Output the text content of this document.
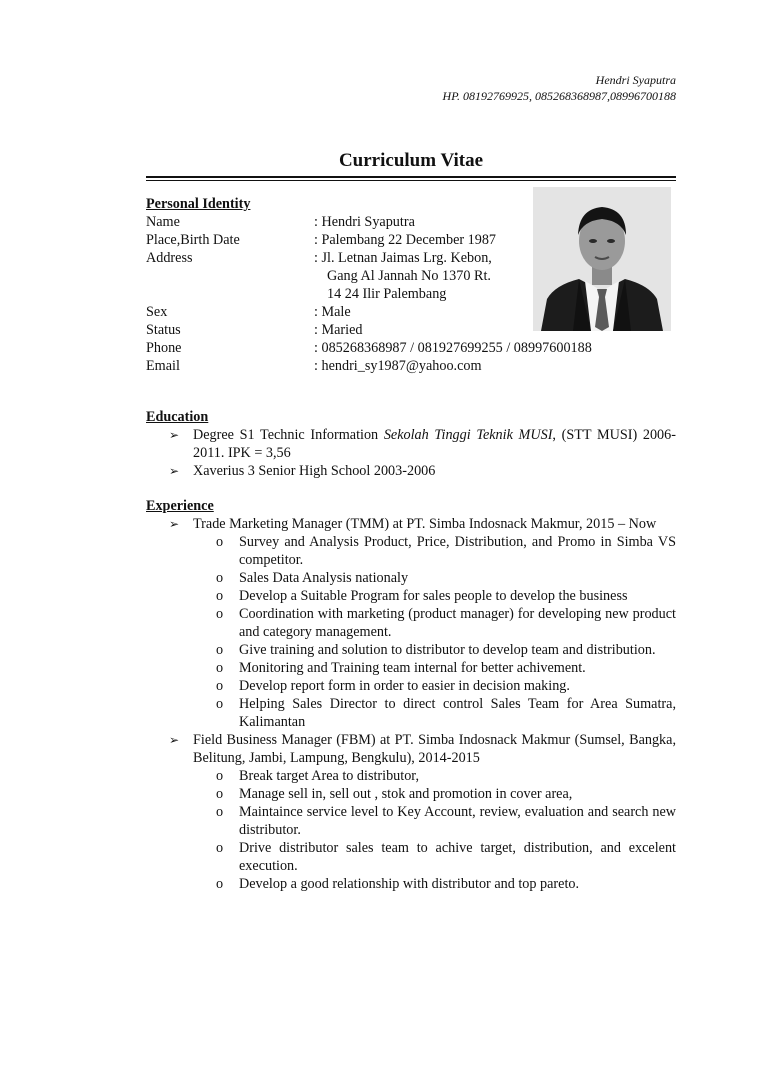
Hendri Syaputra
HP. 08192769925, 085268368987,08996700188
Curriculum Vitae
Personal Identity
Name	: Hendri Syaputra
Place,Birth Date	: Palembang 22 December 1987
Address	: Jl. Letnan Jaimas Lrg. Kebon,
Gang Al Jannah No 1370 Rt.
14 24 Ilir Palembang
Sex	: Male
Status	: Maried
Phone	: 085268368987 / 081927699255 / 08997600188
Email	: hendri_sy1987@yahoo.com
Education
➢ Degree S1 Technic Information Sekolah Tinggi Teknik MUSI, (STT MUSI) 2006-2011. IPK = 3,56
➢ Xaverius 3 Senior High School 2003-2006
Experience
➢ Trade Marketing Manager (TMM) at PT. Simba Indosnack Makmur, 2015 – Now
o Survey and Analysis Product, Price, Distribution, and Promo in Simba VS competitor.
o Sales Data Analysis nationaly
o Develop a Suitable Program for sales people to develop the business
o Coordination with marketing (product manager) for developing new product and category management.
o Give training and solution to distributor to develop team and distribution.
o Monitoring and Training team internal for better achivement.
o Develop report form in order to easier in decision making.
o Helping Sales Director to direct control Sales Team for Area Sumatra, Kalimantan
➢ Field Business Manager (FBM) at PT. Simba Indosnack Makmur (Sumsel, Bangka, Belitung, Jambi, Lampung, Bengkulu), 2014-2015
o Break target Area to distributor,
o Manage sell in, sell out , stok and promotion in cover area,
o Maintaince service level to Key Account, review, evaluation and search new distributor.
o Drive distributor sales team to achive target, distribution, and excelent execution.
o Develop a good relationship with distributor and top pareto.
